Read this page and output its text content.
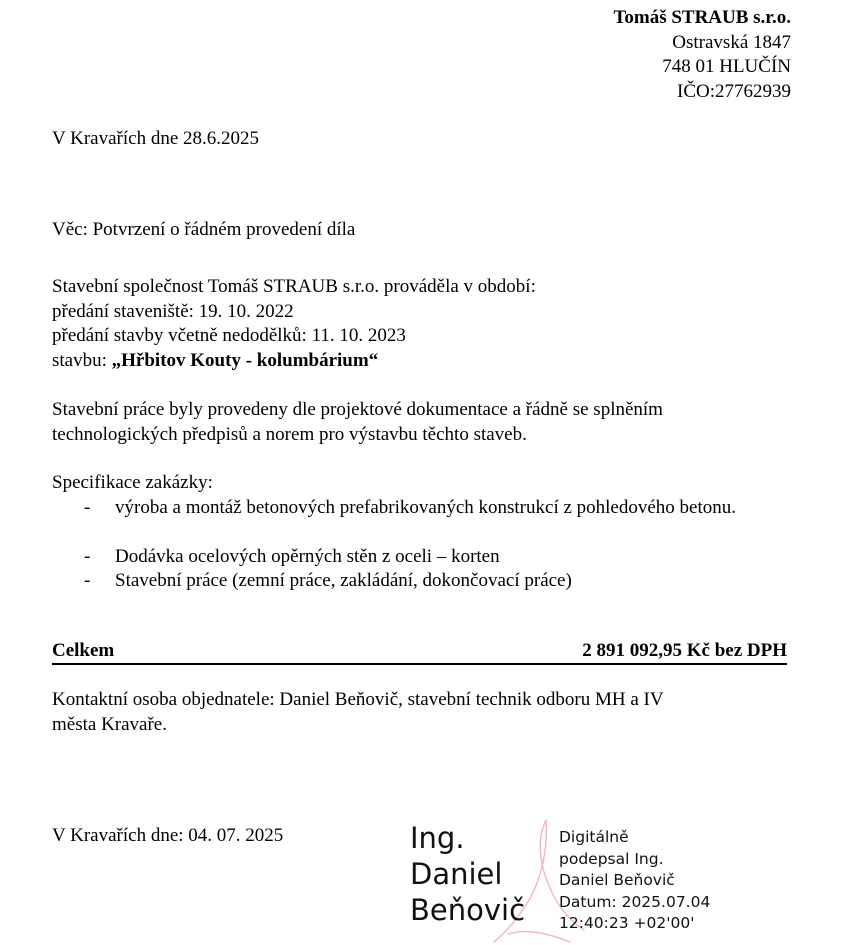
Tomáš STRAUB s.r.o.
Ostravská 1847
748 01 HLUČÍN
IČO:27762939
V Kravařích dne 28.6.2025
Věc: Potvrzení o řádném provedení díla
Stavební společnost Tomáš STRAUB s.r.o. prováděla v období:
předání staveniště: 19. 10. 2022
předání stavby včetně nedodělků: 11. 10. 2023
stavbu: „Hřbitov Kouty - kolumbárium“
Stavební práce byly provedeny dle projektové dokumentace a řádně se splněním
technologických předpisů a norem pro výstavbu těchto staveb.
Specifikace zakázky:
- výroba a montáž betonových prefabrikovaných konstrukcí z pohledového betonu.
- Dodávka ocelových opěrných stěn z oceli – korten
- Stavební práce (zemní práce, zakládání, dokončovací práce)
Celkem	2 891 092,95 Kč bez DPH
Kontaktní osoba objednatele: Daniel Beňovič, stavební technik odboru MH a IV
města Kravaře.
V Kravařích dne: 04. 07. 2025	Ing.
Daniel
Beňovič
Digitálně
podepsal Ing.
Daniel Beňovič
Datum: 2025.07.04
12:40:23 +02'00'
